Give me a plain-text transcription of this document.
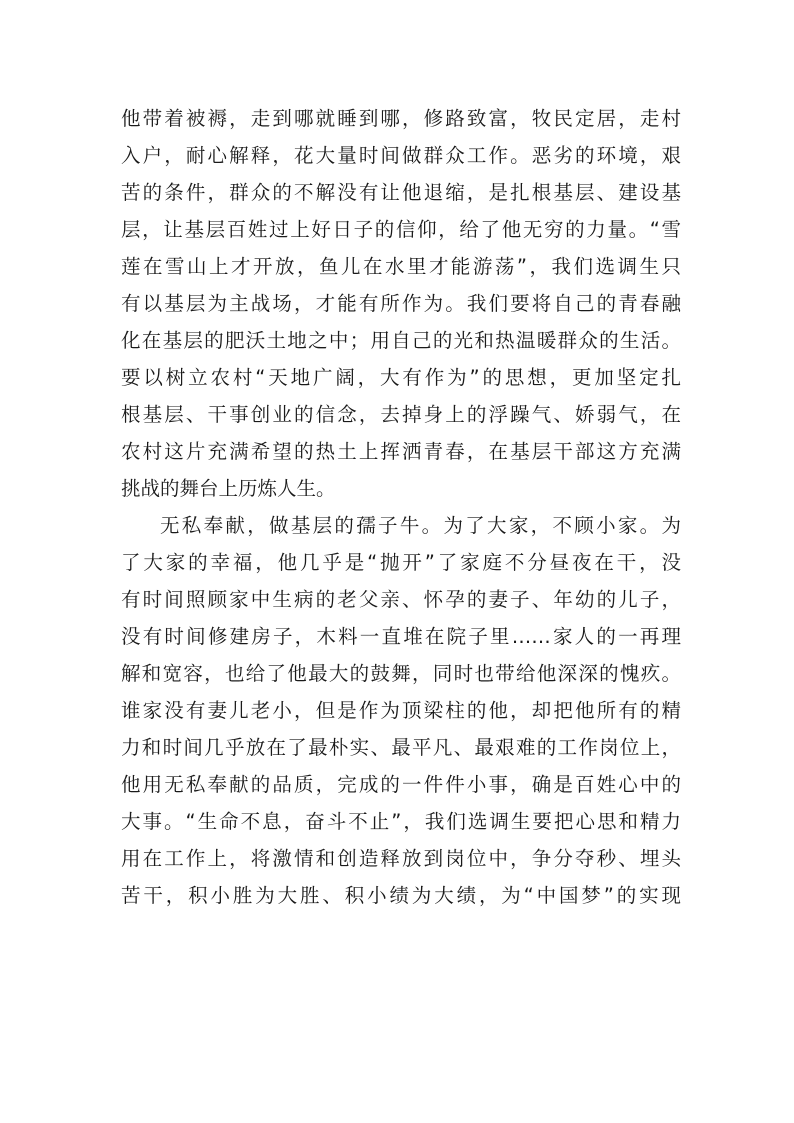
他带着被褥，走到哪就睡到哪，修路致富，牧民定居，走村
入户，耐心解释，花大量时间做群众工作。恶劣的环境，艰
苦的条件，群众的不解没有让他退缩，是扎根基层、建设基
层，让基层百姓过上好日子的信仰，给了他无穷的力量。“雪
莲在雪山上才开放，鱼儿在水里才能游荡”，我们选调生只
有以基层为主战场，才能有所作为。我们要将自己的青春融
化在基层的肥沃土地之中；用自己的光和热温暖群众的生活。
要以树立农村“天地广阔，大有作为”的思想，更加坚定扎
根基层、干事创业的信念，去掉身上的浮躁气、娇弱气，在
农村这片充满希望的热土上挥洒青春，在基层干部这方充满
挑战的舞台上历炼人生。
无私奉献，做基层的孺子牛。为了大家，不顾小家。为
了大家的幸福，他几乎是“抛开”了家庭不分昼夜在干，没
有时间照顾家中生病的老父亲、怀孕的妻子、年幼的儿子，
没有时间修建房子，木料一直堆在院子里……家人的一再理
解和宽容，也给了他最大的鼓舞，同时也带给他深深的愧疚。
谁家没有妻儿老小，但是作为顶梁柱的他，却把他所有的精
力和时间几乎放在了最朴实、最平凡、最艰难的工作岗位上，
他用无私奉献的品质，完成的一件件小事，确是百姓心中的
大事。“生命不息，奋斗不止”，我们选调生要把心思和精力
用在工作上，将激情和创造释放到岗位中，争分夺秒、埋头
苦干，积小胜为大胜、积小绩为大绩，为“中国梦”的实现
